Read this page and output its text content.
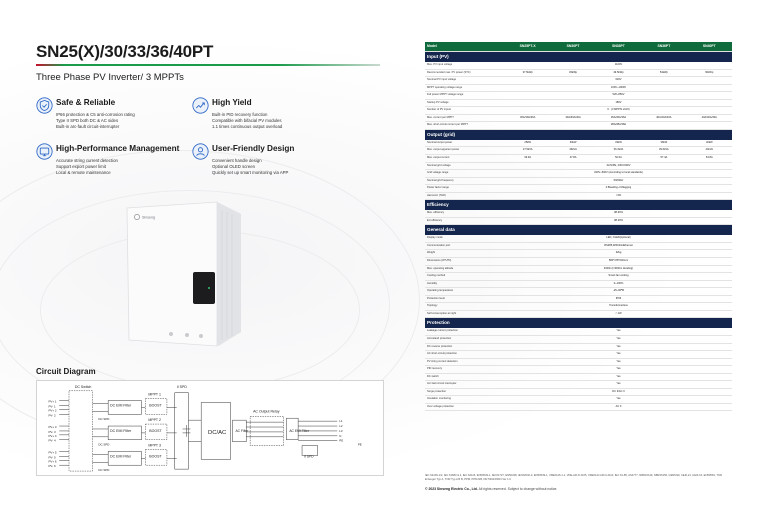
SN25(X)/30/33/36/40PT
Three Phase PV Inverter/ 3 MPPTs
Safe & Reliable
IP66 protection & C5 anti-corrosion rating
Type II SPD both DC & AC sides
Built-in arc-fault circuit-interrupter
High Yield
Built-in PID recovery function
Compatible with bifacial PV modules
1.1 times continuous output overload
High-Performance Management
Accurate string current detection
Support export power limit
Local & remote maintenance
User-Friendly Design
Convenient handle design
Optional OLED screen
Quickly set up smart monitoring via APP
Sinseng
Circuit Diagram
DC Switch	II SPD
AC Output Relay
MPPT 1
MPPT 2
MPPT 3
DC EMI Filter
DC EMI Filter
DC EMI Filter
BOOST
BOOST
BOOST
DC SPD
DC SPD
DC SPD
AC Filter	AC EMI Filter
II SPD
PV+ 1
PV- 1
PV+ 2
PV- 2
PV+ 3
PV- 3
PV+ 4
PV- 4
PV+ 5
PV- 5
PV+ 6
PV- 6
L1
L2
L3
N
PE
DC/AC
PE
Model	SN25PT-X	SN30PT	SN33PT	SN36PT	SN40PT
Input (PV)					
Max. PV input voltage	1100V				
Recommended max. PV power (STC)	37.5kWp	45kWp	49.5kWp	54kWp	60kWp
Nominal PV input voltage	620V				
MPPT operating voltage range	160V~1000V				
Full power MPPT voltage range	520~850V				
Startup PV voltage	180V				
Number of PV inputs	6 · (3 MPPTs 2/2/2)				
Max. current per MPPT	30A/30A/30A	30A/30A/30A	36A/36A/36A	40A/40A/40A	40A/40A/40A
Max. short-circuit current per MPPT	38A/38A/38A				
Output (grid)					
Nominal output power	25kW	30kW	33kW	36kW	40kW
Max. output apparent power	27.5kVA	33kVA	36.3kVA	39.6kVA	44kVA
Max. output current	39.9A	47.8A	52.6A	57.4A	63.8A
Nominal grid voltage	3L/N/PE, 230V/400V				
Grid voltage range	320V~500V (According to local standards)				
Nominal grid frequency	50/60Hz				
Power factor range	0.8leading~0.8lagging				
Harmonic (THD)	<3%				
Efficiency					
Max. efficiency	98.60%				
EU efficiency	98.30%				
General data					
Display mode	LED, OLED(optional)				
Communication port	RS485,WiFi/4G/Ethernet				
Weight	32kg				
Dimensions (W*H*D)	580*478*240mm				
Max. operating altitude	4000m(>3000m derating)				
Cooling method	Smart fan cooling				
Humidity	0~100%				
Operating temperature	-25~60℃				
Protection level	IP66				
Topology	Transformerless				
Self consumption at night	< 1W				
Protection					
Leakage current protection	Yes				
Anti-island protection	Yes				
DC reverse protection	Yes				
AC short-circuit protection	Yes				
PV string current detection	Yes				
PID recovery	Yes				
DC switch	Yes				
Arc fault circuit interrupter	Yes				
Surge protection	DC II/AC II				
Insulation monitoring	Yes				
Over voltage protection	AC II				
IEC 62109-1/2, IEC 61683 & 4, IEC 62116, EN50549-1, IEC61727, EN50438, IEC62040-3, EN50549-1, VDE0126-1-1, VDE-AR-N 4105, VDE0124 AR-N-4110, IEC 61-85, AS4777, NBR16149, NBR16150, G98/G99, CEI0-21, CEI0-16, EN50549, TOR Erzeuger Typ A, TOR Typ A B B, PPM, PPM-NB, DR 5302/03/04 Ver 1.0
© 2023 Sinseng Electric Co., Ltd. All rights reserved. Subject to change without notice.
